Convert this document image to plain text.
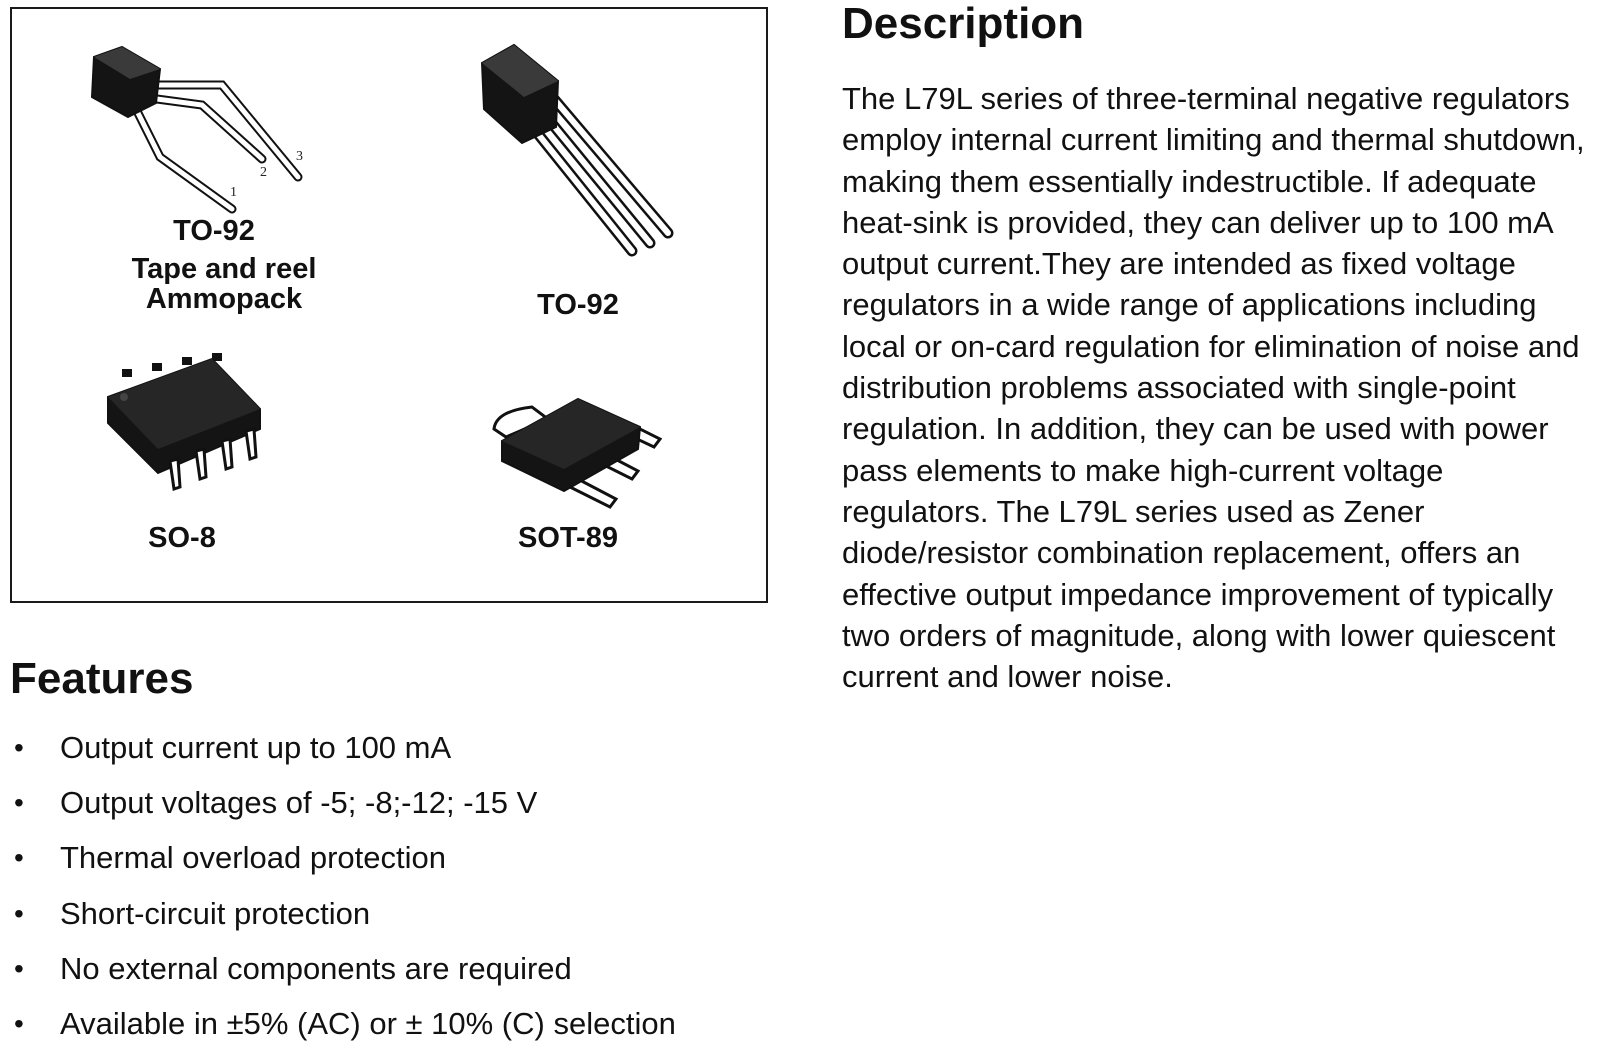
1
2
3
TO-92
Tape and reel
Ammopack	TO-92
SO-8	SOT-89
Description

The L79L series of three-terminal negative regulators employ internal current limiting and thermal shutdown, making them essentially indestructible. If adequate heat-sink is provided, they can deliver up to 100 mA output current.They are intended as fixed voltage regulators in a wide range of applications including local or on-card regulation for elimination of noise and distribution problems associated with single-point regulation. In addition, they can be used with power pass elements to make high-current voltage regulators. The L79L series used as Zener diode/resistor combination replacement, offers an effective output impedance improvement of typically two orders of magnitude, along with lower quiescent current and lower noise.

Features
• Output current up to 100 mA
• Output voltages of -5; -8;-12; -15 V
• Thermal overload protection
• Short-circuit protection
• No external components are required
• Available in ±5% (AC) or ± 10% (C) selection
